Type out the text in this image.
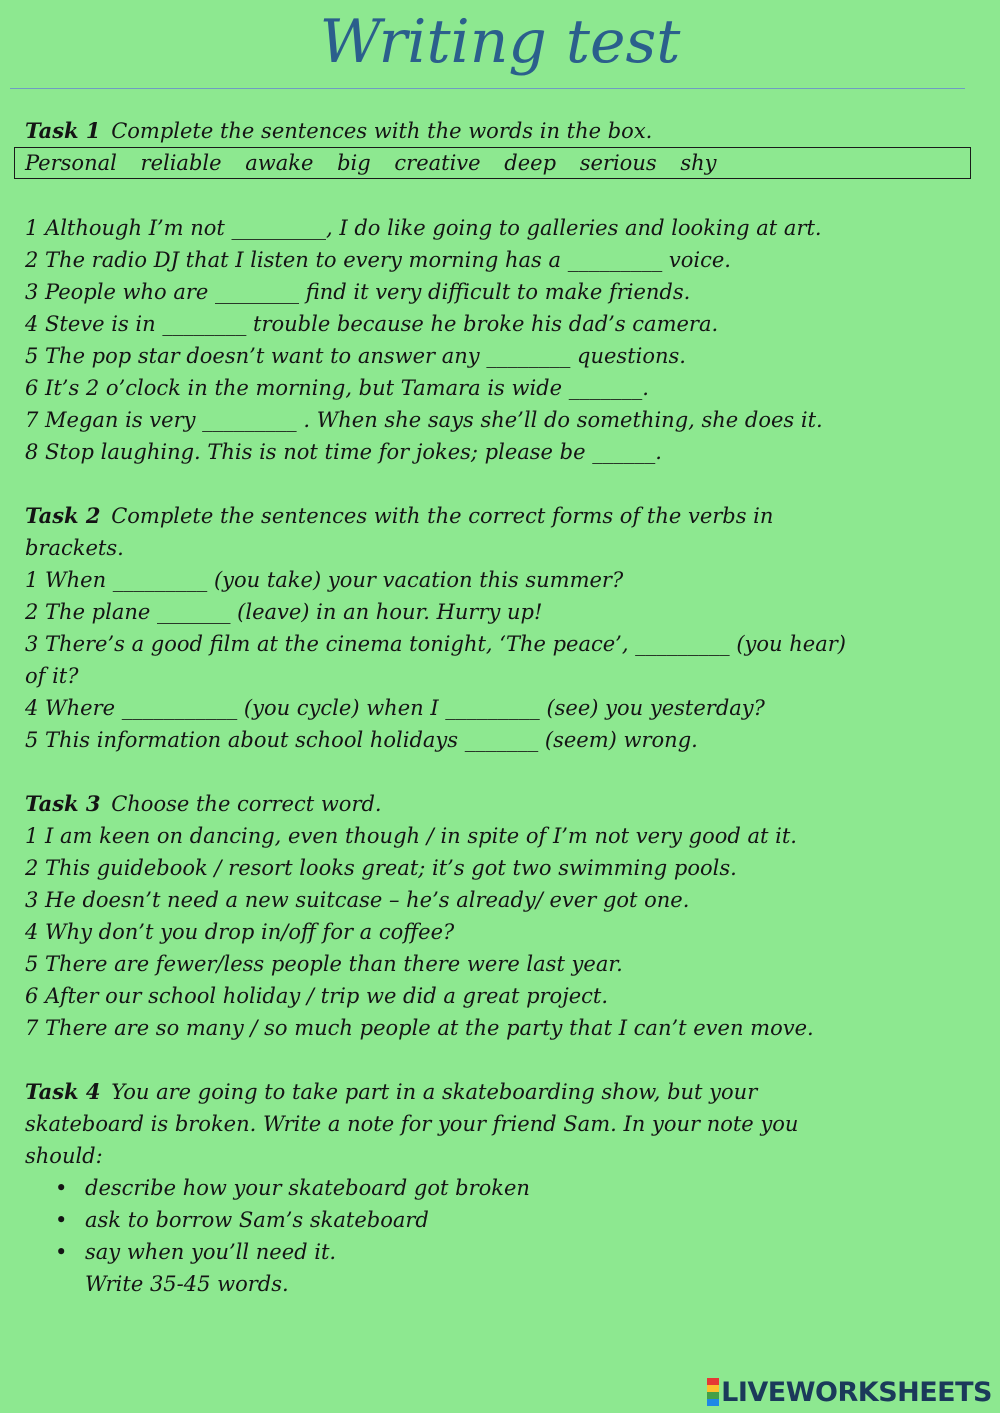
Writing test
Task 1 Complete the sentences with the words in the box.
Personal reliable awake big creative deep serious shy
1 Although I’m not _________, I do like going to galleries and looking at art.
2 The radio DJ that I listen to every morning has a _________ voice.
3 People who are ________ find it very difficult to make friends.
4 Steve is in ________ trouble because he broke his dad’s camera.
5 The pop star doesn’t want to answer any ________ questions.
6 It’s 2 o’clock in the morning, but Tamara is wide _______.
7 Megan is very _________ . When she says she’ll do something, she does it.
8 Stop laughing. This is not time for jokes; please be ______.
Task 2 Complete the sentences with the correct forms of the verbs in
brackets.
1 When _________ (you take) your vacation this summer?
2 The plane _______ (leave) in an hour. Hurry up!
3 There’s a good film at the cinema tonight, ‘The peace’, _________ (you hear)
of it?
4 Where ___________ (you cycle) when I _________ (see) you yesterday?
5 This information about school holidays _______ (seem) wrong.
Task 3 Choose the correct word.
1 I am keen on dancing, even though / in spite of I’m not very good at it.
2 This guidebook / resort looks great; it’s got two swimming pools.
3 He doesn’t need a new suitcase – he’s already/ ever got one.
4 Why don’t you drop in/off for a coffee?
5 There are fewer/less people than there were last year.
6 After our school holiday / trip we did a great project.
7 There are so many / so much people at the party that I can’t even move.
Task 4 You are going to take part in a skateboarding show, but your
skateboard is broken. Write a note for your friend Sam. In your note you
should:
• describe how your skateboard got broken
• ask to borrow Sam’s skateboard
• say when you’ll need it.
Write 35-45 words.
LIVEWORKSHEETS
